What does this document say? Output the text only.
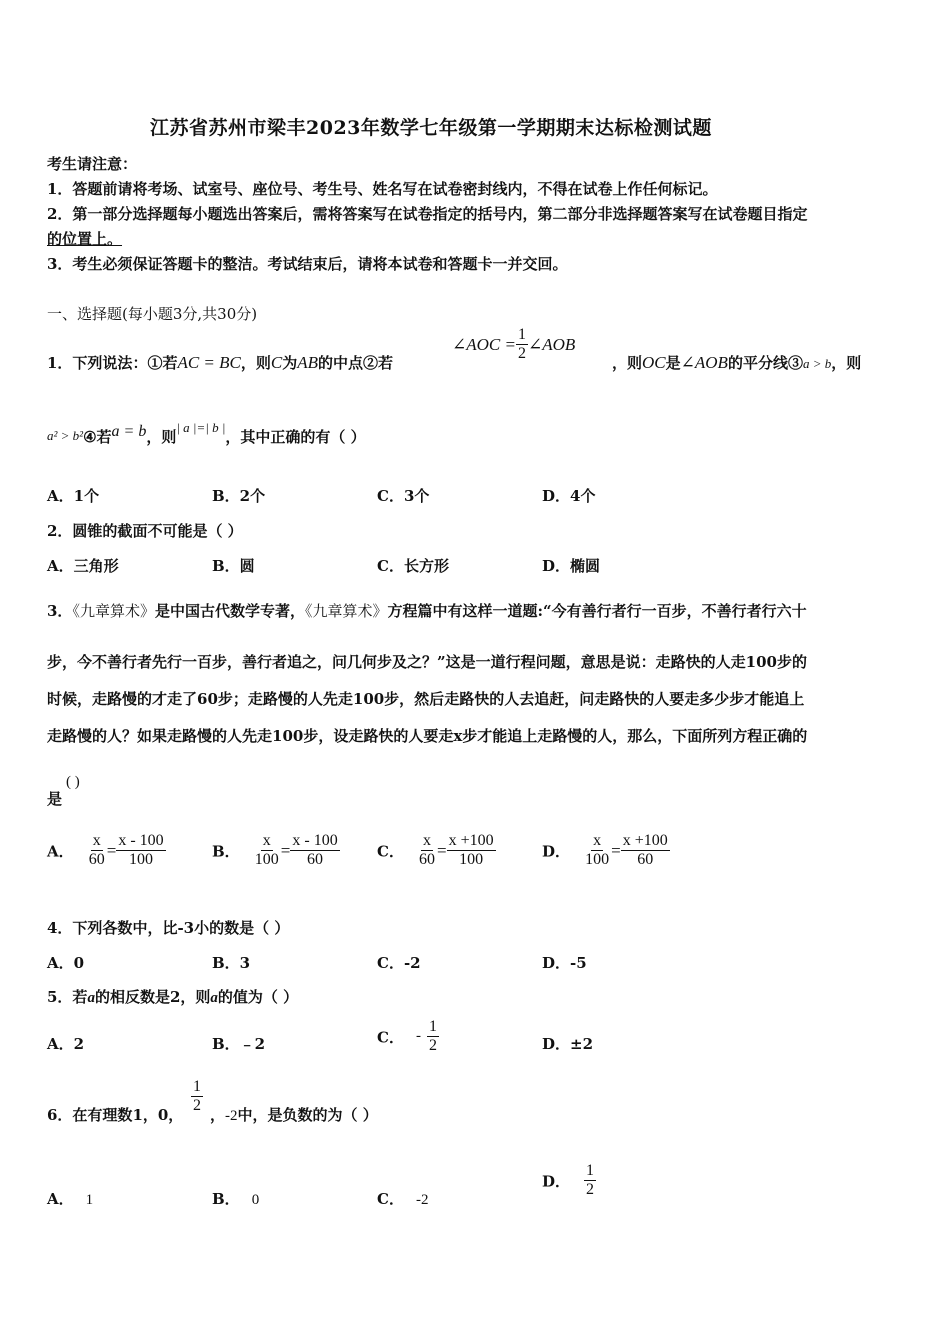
江苏省苏州市梁丰2023年数学七年级第一学期期末达标检测试题
考生请注意：
1．答题前请将考场、试室号、座位号、考生号、姓名写在试卷密封线内，不得在试卷上作任何标记。
2．第一部分选择题每小题选出答案后，需将答案写在试卷指定的括号内，第二部分非选择题答案写在试卷题目指定
的位置上。
3．考生必须保证答题卡的整洁。考试结束后，请将本试卷和答题卡一并交回。
一、选择题(每小题3分,共30分)
1．下列说法：①若AC = BC，则C为AB的中点②若
∠AOC = $\frac{1}{2}$ ∠AOB
，则OC是∠AOB的平分线③a > b，则
a² > b²④若a = b，则| a |=| b |，其中正确的有（ ）
A．1个	B．2个	C．3个	D．4个
2．圆锥的截面不可能是（ ）
A．三角形	B．圆	C．长方形	D．椭圆
3．《九章算术》是中国古代数学专著，《九章算术》方程篇中有这样一道题:“今有善行者行一百步，不善行者行六十
步，今不善行者先行一百步，善行者追之，问几何步及之？”这是一道行程问题，意思是说：走路快的人走100步的
时候，走路慢的才走了60步；走路慢的人先走100步，然后走路快的人去追赶，问走路快的人要走多少步才能追上
走路慢的人？如果走路慢的人先走100步，设走路快的人要走x步才能追上走路慢的人，那么，下面所列方程正确的
是
( )
A． $\frac{x}{60} = \frac{x - 100}{100}$	B． $\frac{x}{100} = \frac{x - 100}{60}$ C． $\frac{x}{60} = \frac{x +100}{100}$	D． $\frac{x}{100} = \frac{x +100}{60}$
4．下列各数中，比-3小的数是（ ）
A．0	B．3	C．-2	D．-5
5．若a的相反数是2，则a的值为（ ）
A．2	B．﹣2	C． - $\frac{1}{2}$	D．±2
6．在有理数1，0， $\frac{1}{2}$ ，-2中，是负数的为（ ）
A． 1	B． 0	C． -2
D． $\frac{1}{2}$
